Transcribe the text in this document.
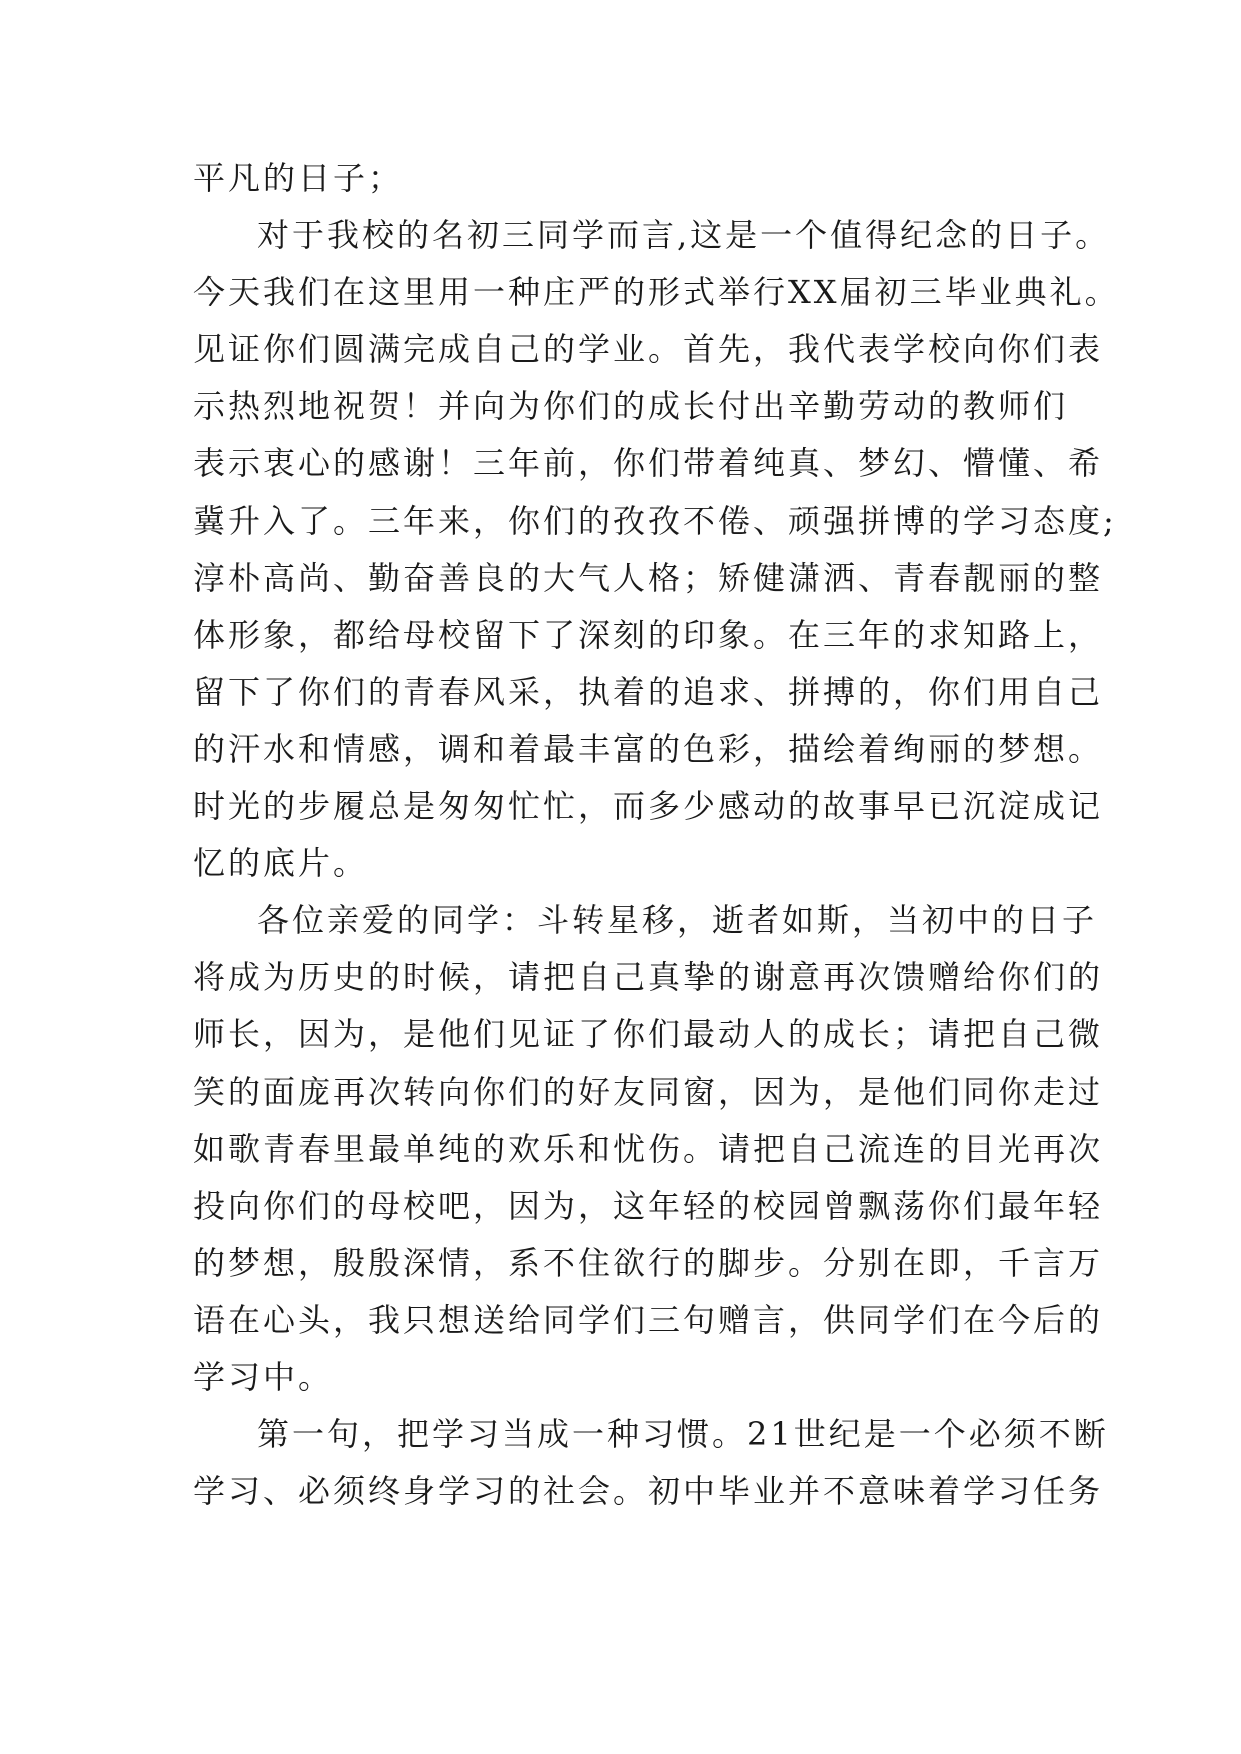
平凡的日子；
对于我校的名初三同学而言,这是一个值得纪念的日子。
今天我们在这里用一种庄严的形式举行XX届初三毕业典礼。
见证你们圆满完成自己的学业。首先，我代表学校向你们表
示热烈地祝贺！并向为你们的成长付出辛勤劳动的教师们
表示衷心的感谢！三年前，你们带着纯真、梦幻、懵懂、希
冀升入了。三年来，你们的孜孜不倦、顽强拼博的学习态度;
淳朴高尚、勤奋善良的大气人格；矫健潇洒、青春靓丽的整
体形象，都给母校留下了深刻的印象。在三年的求知路上，
留下了你们的青春风采，执着的追求、拼搏的，你们用自己
的汗水和情感，调和着最丰富的色彩，描绘着绚丽的梦想。
时光的步履总是匆匆忙忙，而多少感动的故事早已沉淀成记
忆的底片。
各位亲爱的同学：斗转星移，逝者如斯，当初中的日子
将成为历史的时候，请把自己真挚的谢意再次馈赠给你们的
师长，因为，是他们见证了你们最动人的成长；请把自己微
笑的面庞再次转向你们的好友同窗，因为，是他们同你走过
如歌青春里最单纯的欢乐和忧伤。请把自己流连的目光再次
投向你们的母校吧，因为，这年轻的校园曾飘荡你们最年轻
的梦想，殷殷深情，系不住欲行的脚步。分别在即，千言万
语在心头，我只想送给同学们三句赠言，供同学们在今后的
学习中。
第一句，把学习当成一种习惯。21世纪是一个必须不断
学习、必须终身学习的社会。初中毕业并不意味着学习任务
